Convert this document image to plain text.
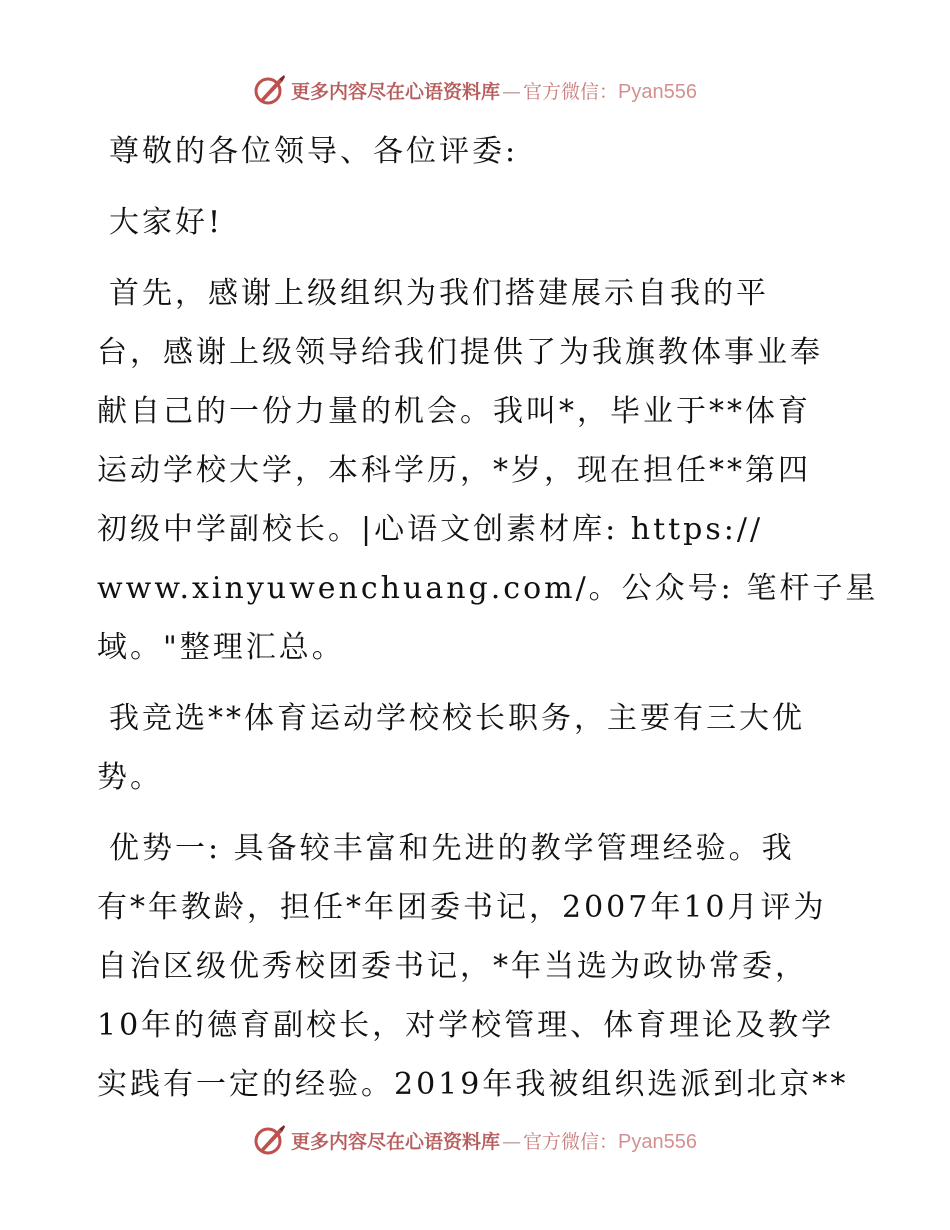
更多内容尽在心语资料库 — 官方微信：Pyan556

尊敬的各位领导、各位评委:

大家好!

首先，感谢上级组织为我们搭建展示自我的平
台，感谢上级领导给我们提供了为我旗教体事业奉
献自己的一份力量的机会。我叫*，毕业于**体育
运动学校大学，本科学历，*岁，现在担任**第四
初级中学副校长。|心语文创素材库: https://
www.xinyuwenchuang.com/。公众号: 笔杆子星
域。"整理汇总。

我竞选**体育运动学校校长职务，主要有三大优
势。

优势一: 具备较丰富和先进的教学管理经验。我
有*年教龄，担任*年团委书记，2007年10月评为
自治区级优秀校团委书记，*年当选为政协常委，
10年的德育副校长，对学校管理、体育理论及教学
实践有一定的经验。2019年我被组织选派到北京**

更多内容尽在心语资料库 — 官方微信：Pyan556
